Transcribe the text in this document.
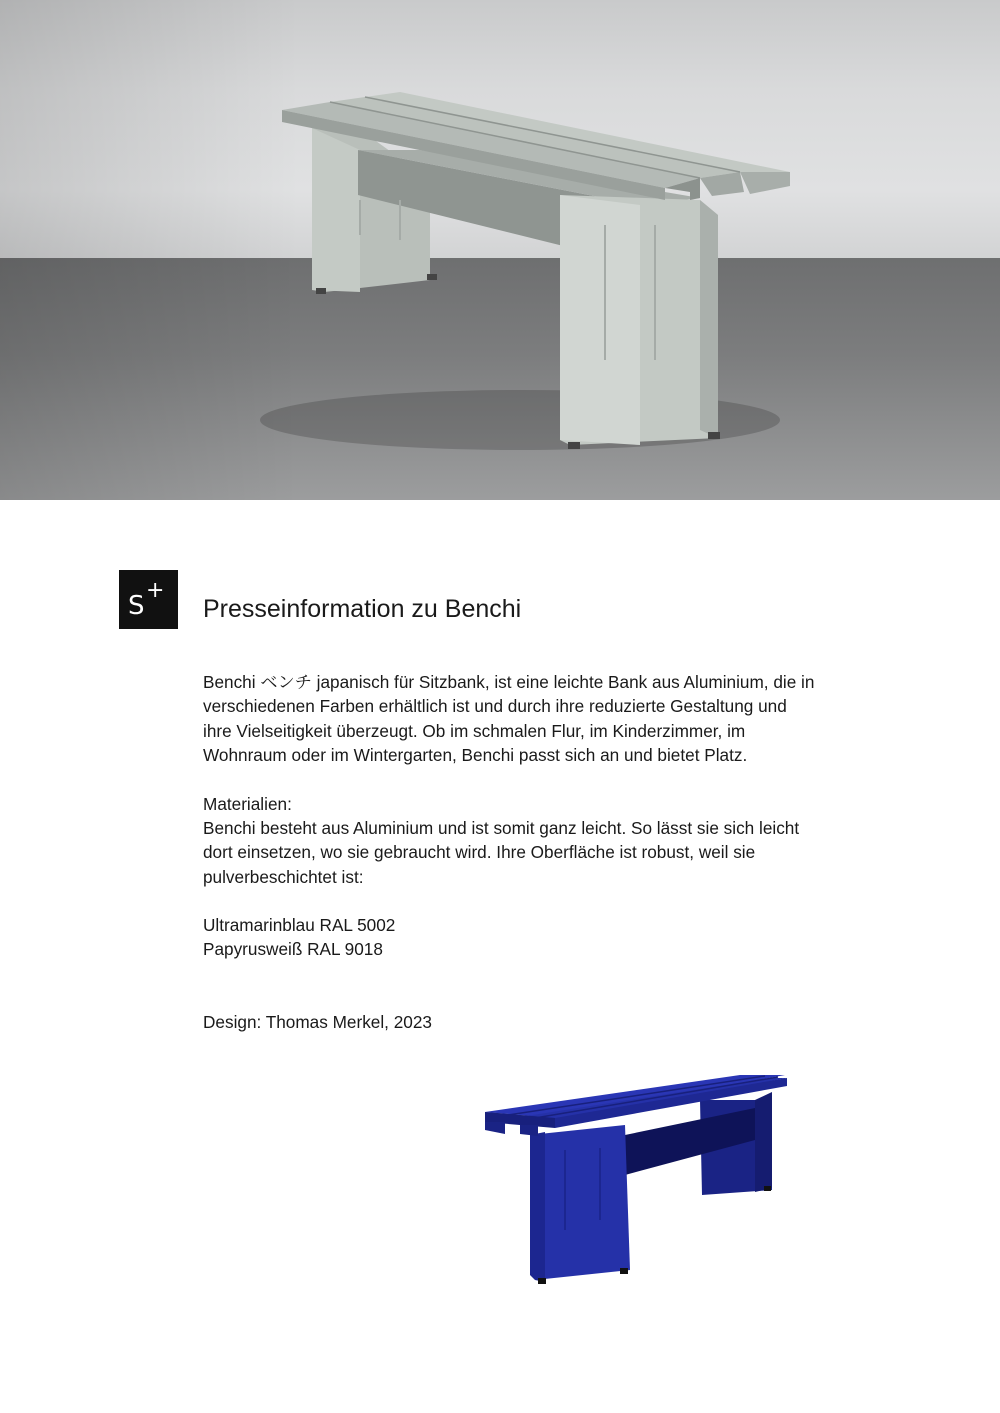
S
+
Presseinformation zu Benchi
Benchi ベンチ japanisch für Sitzbank, ist eine leichte Bank aus Aluminium, die in
verschiedenen Farben erhältlich ist und durch ihre reduzierte Gestaltung und
ihre Vielseitigkeit überzeugt. Ob im schmalen Flur, im Kinderzimmer, im
Wohnraum oder im Wintergarten, Benchi passt sich an und bietet Platz.
Materialien:
Benchi besteht aus Aluminium und ist somit ganz leicht. So lässt sie sich leicht
dort einsetzen, wo sie gebraucht wird. Ihre Oberfläche ist robust, weil sie
pulverbeschichtet ist:
Ultramarinblau RAL 5002
Papyrusweiß RAL 9018
Design: Thomas Merkel, 2023
